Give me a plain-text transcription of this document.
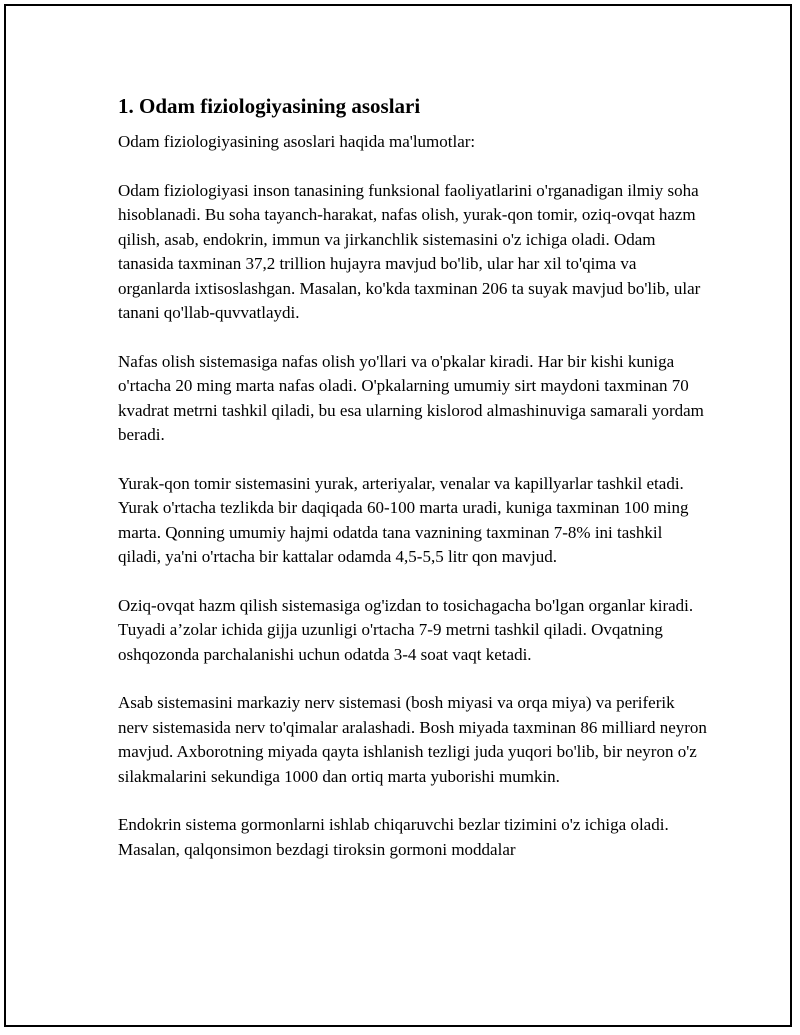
1. Odam fiziologiyasining asoslari

Odam fiziologiyasining asoslari haqida ma'lumotlar:

Odam fiziologiyasi inson tanasining funksional faoliyatlarini o'rganadigan ilmiy soha hisoblanadi. Bu soha tayanch-harakat, nafas olish, yurak-qon tomir, oziq-ovqat hazm qilish, asab, endokrin, immun va jirkanchlik sistemasini o'z ichiga oladi. Odam tanasida taxminan 37,2 trillion hujayra mavjud bo'lib, ular har xil to'qima va organlarda ixtisoslashgan. Masalan, ko'kda taxminan 206 ta suyak mavjud bo'lib, ular tanani qo'llab-quvvatlaydi.

Nafas olish sistemasiga nafas olish yo'llari va o'pkalar kiradi. Har bir kishi kuniga o'rtacha 20 ming marta nafas oladi. O'pkalarning umumiy sirt maydoni taxminan 70 kvadrat metrni tashkil qiladi, bu esa ularning kislorod almashinuviga samarali yordam beradi.

Yurak-qon tomir sistemasini yurak, arteriyalar, venalar va kapillyarlar tashkil etadi. Yurak o'rtacha tezlikda bir daqiqada 60-100 marta uradi, kuniga taxminan 100 ming marta. Qonning umumiy hajmi odatda tana vaznining taxminan 7-8% ini tashkil qiladi, ya'ni o'rtacha bir kattalar odamda 4,5-5,5 litr qon mavjud.

Oziq-ovqat hazm qilish sistemasiga og'izdan to tosichagacha bo'lgan organlar kiradi. Tuyadi a’zolar ichida gijja uzunligi o'rtacha 7-9 metrni tashkil qiladi. Ovqatning oshqozonda parchalanishi uchun odatda 3-4 soat vaqt ketadi.

Asab sistemasini markaziy nerv sistemasi (bosh miyasi va orqa miya) va periferik nerv sistemasida nerv to'qimalar aralashadi. Bosh miyada taxminan 86 milliard neyron mavjud. Axborotning miyada qayta ishlanish tezligi juda yuqori bo'lib, bir neyron o'z silakmalarini sekundiga 1000 dan ortiq marta yuborishi mumkin.

Endokrin sistema gormonlarni ishlab chiqaruvchi bezlar tizimini o'z ichiga oladi. Masalan, qalqonsimon bezdagi tiroksin gormoni moddalar
